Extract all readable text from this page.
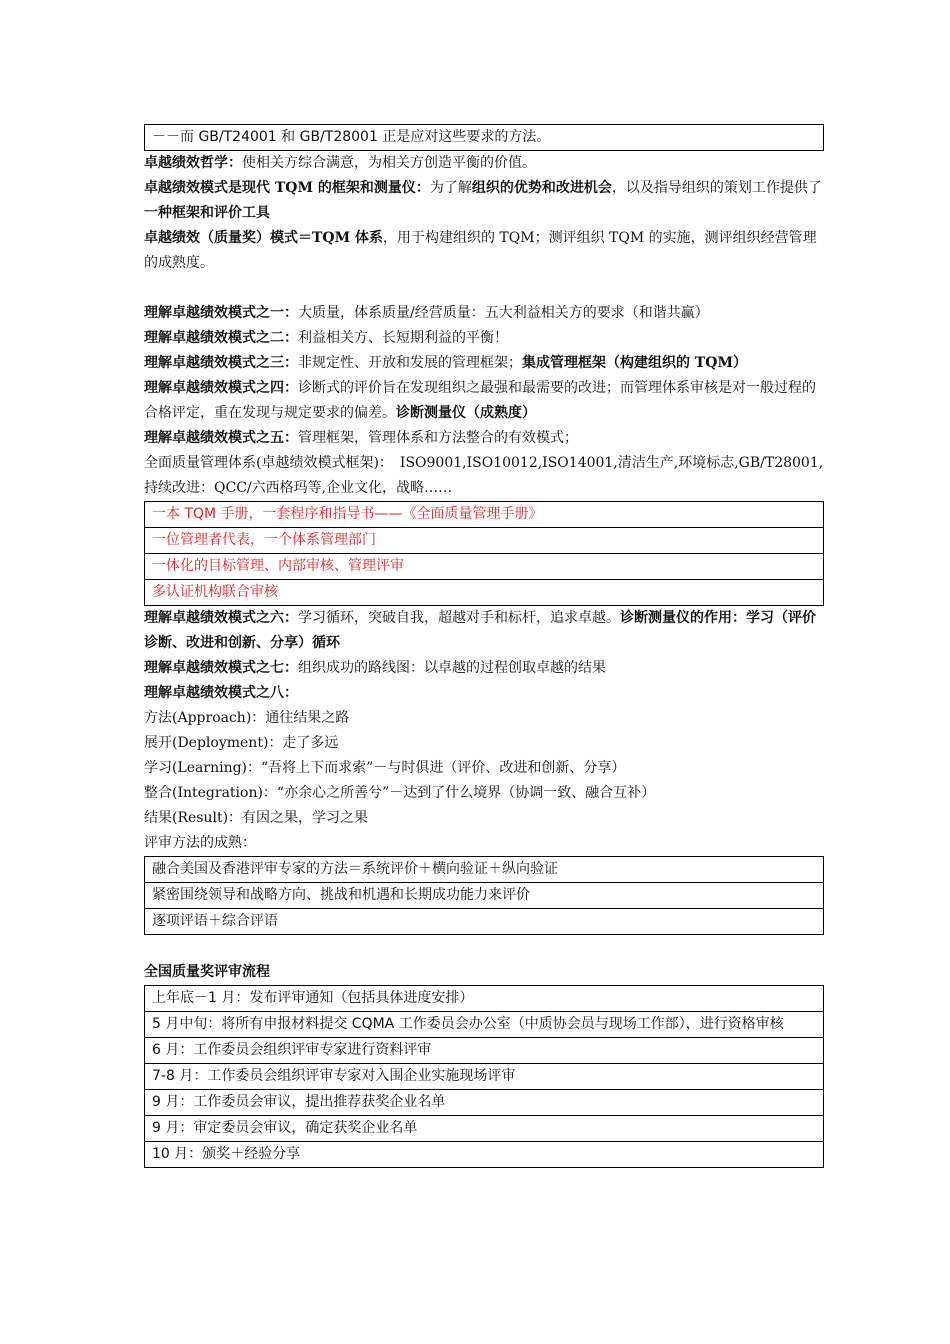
－－而 GB/T24001 和 GB/T28001 正是应对这些要求的方法。

卓越绩效哲学：使相关方综合满意，为相关方创造平衡的价值。

卓越绩效模式是现代 TQM 的框架和测量仪：为了解组织的优势和改进机会，以及指导组织的策划工作提供了一种框架和评价工具

卓越绩效（质量奖）模式＝TQM 体系，用于构建组织的 TQM；测评组织 TQM 的实施，测评组织经营管理的成熟度。

理解卓越绩效模式之一：大质量，体系质量/经营质量：五大利益相关方的要求（和谐共赢）

理解卓越绩效模式之二：利益相关方、长短期利益的平衡！

理解卓越绩效模式之三：非规定性、开放和发展的管理框架；集成管理框架（构建组织的 TQM）

理解卓越绩效模式之四：诊断式的评价旨在发现组织之最强和最需要的改进；而管理体系审核是对一般过程的合格评定，重在发现与规定要求的偏差。诊断测量仪（成熟度）

理解卓越绩效模式之五：管理框架，管理体系和方法整合的有效模式；

全面质量管理体系(卓越绩效模式框架)：　ISO9001,ISO10012,ISO14001,清洁生产,环境标志,GB/T28001,持续改进：QCC/六西格玛等,企业文化，战略……

一本 TQM 手册，一套程序和指导书——《全面质量管理手册》
一位管理者代表，一个体系管理部门
一体化的目标管理、内部审核、管理评审
多认证机构联合审核

理解卓越绩效模式之六：学习循环，突破自我，超越对手和标杆，追求卓越。诊断测量仪的作用：学习（评价诊断、改进和创新、分享）循环

理解卓越绩效模式之七：组织成功的路线图：以卓越的过程创取卓越的结果

理解卓越绩效模式之八：

方法(Approach)：通往结果之路

展开(Deployment)：走了多远

学习(Learning)：“吾将上下而求索”－与时俱进（评价、改进和创新、分享）

整合(Integration)：“亦余心之所善兮”－达到了什么境界（协调一致、融合互补）

结果(Result)：有因之果，学习之果

评审方法的成熟：

融合美国及香港评审专家的方法＝系统评价＋横向验证＋纵向验证
紧密围绕领导和战略方向、挑战和机遇和长期成功能力来评价
逐项评语＋综合评语

全国质量奖评审流程

上年底－1 月：发布评审通知（包括具体进度安排）
5 月中旬：将所有申报材料提交 CQMA 工作委员会办公室（中质协会员与现场工作部），进行资格审核
6 月：工作委员会组织评审专家进行资料评审
7-8 月：工作委员会组织评审专家对入围企业实施现场评审
9 月：工作委员会审议，提出推荐获奖企业名单
9 月：审定委员会审议，确定获奖企业名单
10 月：颁奖＋经验分享
